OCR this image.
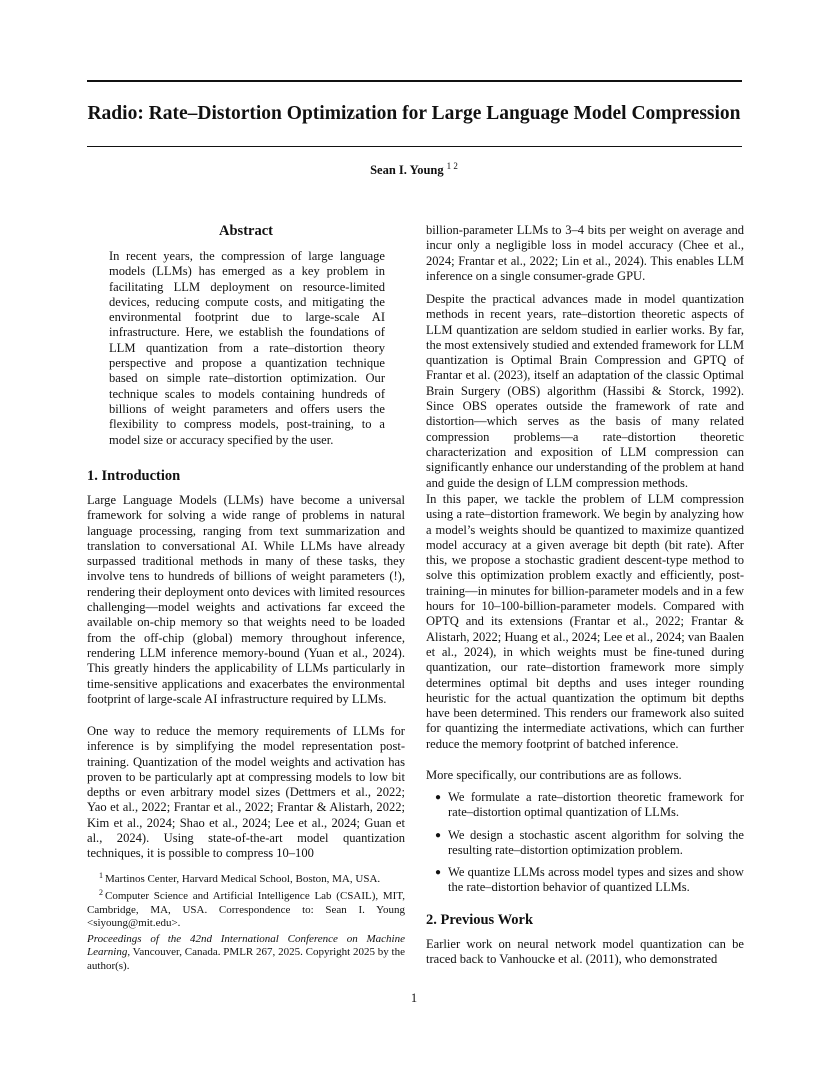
Radio: Rate–Distortion Optimization for Large Language Model Compression
Sean I. Young $^{1 2}$
Abstract

In recent years, the compression of large language models (LLMs) has emerged as a key problem in facilitating LLM deployment on resource-limited devices, reducing compute costs, and mitigating the environmental footprint due to large-scale AI infrastructure. Here, we establish the foundations of LLM quantization from a rate–distortion theory perspective and propose a quantization technique based on simple rate–distortion optimization. Our technique scales to models containing hundreds of billions of weight parameters and offers users the flexibility to compress models, post-training, to a model size or accuracy specified by the user.

1. Introduction

Large Language Models (LLMs) have become a universal framework for solving a wide range of problems in natural language processing, ranging from text summarization and translation to conversational AI. While LLMs have already surpassed traditional methods in many of these tasks, they involve tens to hundreds of billions of weight parameters (!), rendering their deployment onto devices with limited resources challenging—model weights and activations far exceed the available on-chip memory so that weights need to be loaded from the off-chip (global) memory throughout inference, rendering LLM inference memory-bound (Yuan et al., 2024). This greatly hinders the applicability of LLMs particularly in time-sensitive applications and exacerbates the environmental footprint of large-scale AI infrastructure required by LLMs.

One way to reduce the memory requirements of LLMs for inference is by simplifying the model representation post-training. Quantization of the model weights and activation has proven to be particularly apt at compressing models to low bit depths or even arbitrary model sizes (Dettmers et al., 2022; Yao et al., 2022; Frantar et al., 2022; Frantar & Alistarh, 2022; Kim et al., 2024; Shao et al., 2024; Lee et al., 2024; Guan et al., 2024). Using state-of-the-art model quantization techniques, it is possible to compress 10–100

$^1$ Martinos Center, Harvard Medical School, Boston, MA, USA.

$^2$ Computer Science and Artificial Intelligence Lab (CSAIL), MIT, Cambridge, MA, USA. Correspondence to: Sean I. Young <siyoung@mit.edu>.

Proceedings of the 42nd International Conference on Machine Learning, Vancouver, Canada. PMLR 267, 2025. Copyright 2025 by the author(s).

billion-parameter LLMs to 3–4 bits per weight on average and incur only a negligible loss in model accuracy (Chee et al., 2024; Frantar et al., 2022; Lin et al., 2024). This enables LLM inference on a single consumer-grade GPU.

Despite the practical advances made in model quantization methods in recent years, rate–distortion theoretic aspects of LLM quantization are seldom studied in earlier works. By far, the most extensively studied and extended framework for LLM quantization is Optimal Brain Compression and GPTQ of Frantar et al. (2023), itself an adaptation of the classic Optimal Brain Surgery (OBS) algorithm (Hassibi & Storck, 1992). Since OBS operates outside the framework of rate and distortion—which serves as the basis of many related compression problems—a rate–distortion theoretic characterization and exposition of LLM compression can significantly enhance our understanding of the problem at hand and guide the design of LLM compression methods.

In this paper, we tackle the problem of LLM compression using a rate–distortion framework. We begin by analyzing how a model’s weights should be quantized to maximize quantized model accuracy at a given average bit depth (bit rate). After this, we propose a stochastic gradient descent-type method to solve this optimization problem exactly and efficiently, post-training—in minutes for billion-parameter models and in a few hours for 10–100-billion-parameter models. Compared with OPTQ and its extensions (Frantar et al., 2022; Frantar & Alistarh, 2022; Huang et al., 2024; Lee et al., 2024; van Baalen et al., 2024), in which weights must be fine-tuned during quantization, our rate–distortion framework more simply determines optimal bit depths and uses integer rounding heuristic for the actual quantization the optimum bit depths have been determined. This renders our framework also suited for quantizing the intermediate activations, which can further reduce the memory footprint of batched inference.

More specifically, our contributions are as follows.

● We formulate a rate–distortion theoretic framework for rate–distortion optimal quantization of LLMs.
● We design a stochastic ascent algorithm for solving the resulting rate–distortion optimization problem.
● We quantize LLMs across model types and sizes and show the rate–distortion behavior of quantized LLMs.
2. Previous Work

Earlier work on neural network model quantization can be traced back to Vanhoucke et al. (2011), who demonstrated

1
